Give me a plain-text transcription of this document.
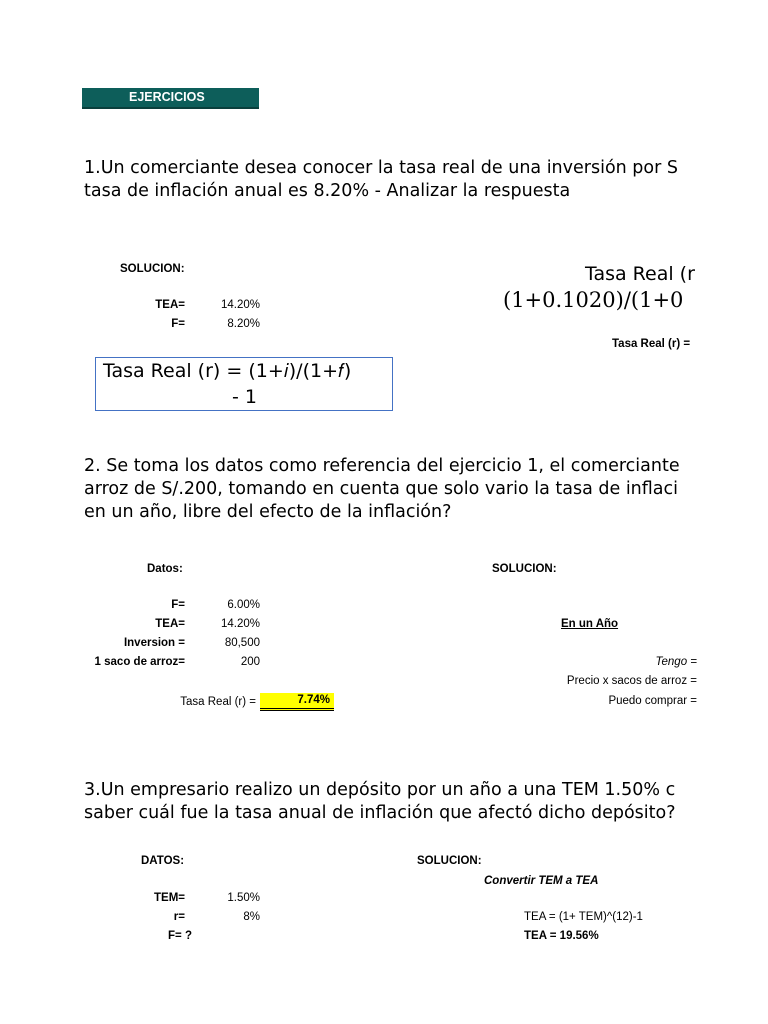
EJERCICIOS
1.Un comerciante desea conocer la tasa real de una inversión por S
tasa de inflación anual es 8.20% - Analizar la respuesta
SOLUCION:
TEA=	14.20%
F=	8.20%
Tasa Real (r
(1+0.1020)/(1+0
Tasa Real (r) =
Tasa Real (r) = (1+𝑖)/(1+𝑓)
- 1
2. Se toma los datos como referencia del ejercicio 1, el comerciante
arroz de S/.200, tomando en cuenta que solo vario la tasa de inflaci
en un año, libre del efecto de la inflación?
Datos:	SOLUCION:
F=	6.00%
TEA=	14.20%
Inversion =	80,500
1 saco de arroz=	200
Tasa Real (r) =	7.74%
En un Año
Tengo =
Precio x sacos de arroz =
Puedo comprar =
3.Un empresario realizo un depósito por un año a una TEM 1.50% c
saber cuál fue la tasa anual de inflación que afectó dicho depósito?
DATOS:	SOLUCION:
Convertir TEM a TEA
TEM=	1.50%
r=	8%
F= ?
TEA = (1+ TEM)^(12)-1
TEA = 19.56%
